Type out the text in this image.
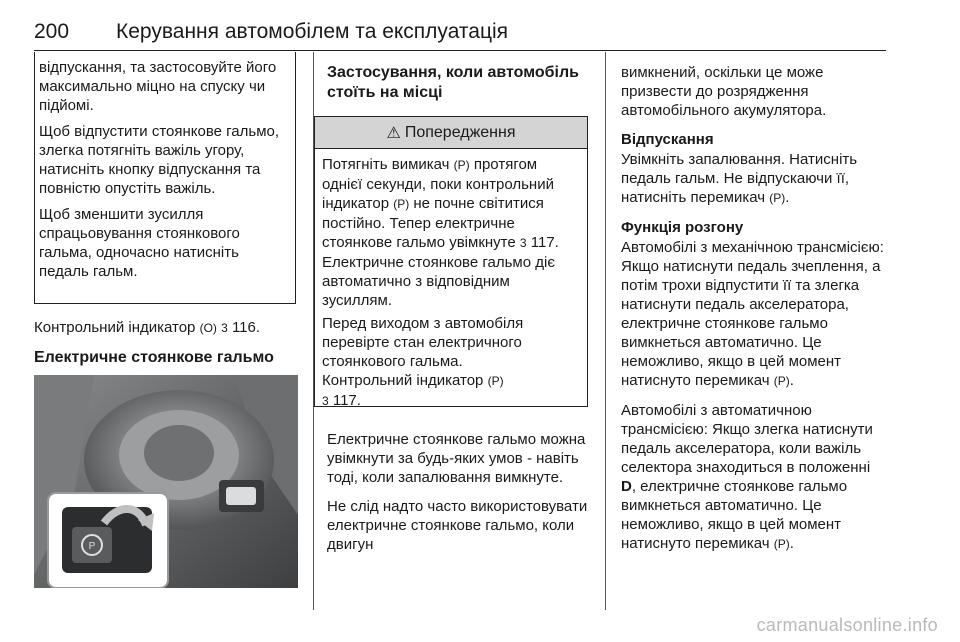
200 Керування автомобілем та експлуатація

відпускання, та застосовуйте його максимально міцно на спуску чи підйомі.

Щоб відпустити стоянкове гальмо, злегка потягніть важіль угору, натисніть кнопку відпускання та повністю опустіть важіль.

Щоб зменшити зусилля спрацьовування стоянкового гальма, одночасно натисніть педаль гальм.

Контрольний індикатор (O) 3 116.

Електричне стоянкове гальмо
P
Застосування, коли автомобіль стоїть на місці
⚠ Попередження

Потягніть вимикач (P) протягом однієї секунди, поки контрольний індикатор (P) не почне світитися постійно. Тепер електричне стоянкове гальмо увімкнуте 3 117. Електричне стоянкове гальмо діє автоматично з відповідним зусиллям.

Перед виходом з автомобіля перевірте стан електричного стоянкового гальма.

Контрольний індикатор (P)
3 117.

Електричне стоянкове гальмо можна увімкнути за будь-яких умов - навіть тоді, коли запалювання вимкнуте.

Не слід надто часто використовувати електричне стоянкове гальмо, коли двигун

вимкнений, оскільки це може призвести до розрядження автомобільного акумулятора.

Відпускання

Увімкніть запалювання. Натисніть педаль гальм. Не відпускаючи її, натисніть перемикач (P).

Функція розгону

Автомобілі з механічною трансмісією: Якщо натиснути педаль зчеплення, а потім трохи відпустити її та злегка натиснути педаль акселератора, електричне стоянкове гальмо вимкнеться автоматично. Це неможливо, якщо в цей момент натиснуто перемикач (P).

Автомобілі з автоматичною трансмісією: Якщо злегка натиснути педаль акселератора, коли важіль селектора знаходиться в положенні D, електричне стоянкове гальмо вимкнеться автоматично. Це неможливо, якщо в цей момент натиснуто перемикач (P).

carmanualsonline.info
